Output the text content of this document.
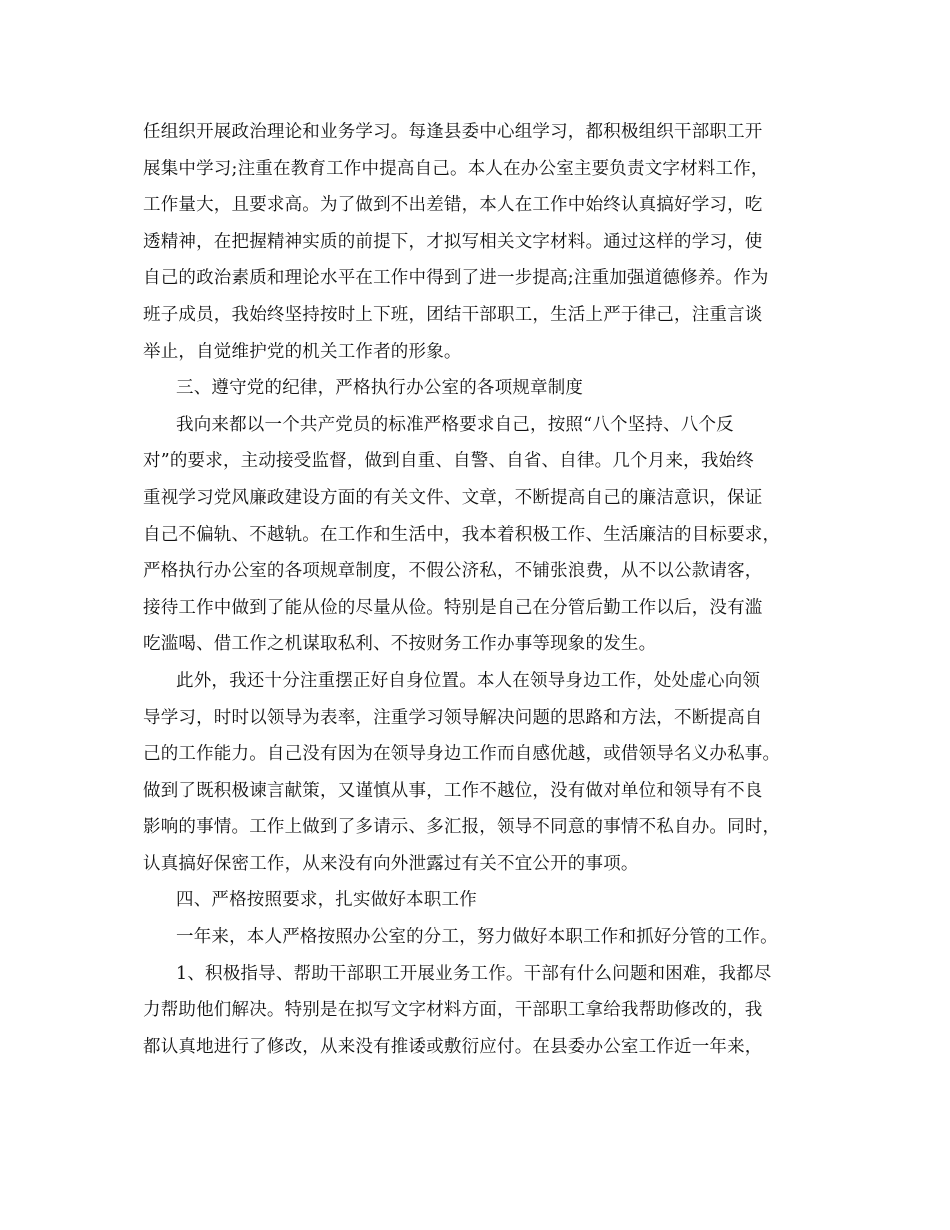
任组织开展政治理论和业务学习。每逢县委中心组学习，都积极组织干部职工开
展集中学习;注重在教育工作中提高自己。本人在办公室主要负责文字材料工作，
工作量大，且要求高。为了做到不出差错，本人在工作中始终认真搞好学习，吃
透精神，在把握精神实质的前提下，才拟写相关文字材料。通过这样的学习，使
自己的政治素质和理论水平在工作中得到了进一步提高;注重加强道德修养。作为
班子成员，我始终坚持按时上下班，团结干部职工，生活上严于律己，注重言谈
举止，自觉维护党的机关工作者的形象。
三、遵守党的纪律，严格执行办公室的各项规章制度
我向来都以一个共产党员的标准严格要求自己，按照“八个坚持、八个反
对”的要求，主动接受监督，做到自重、自警、自省、自律。几个月来，我始终
重视学习党风廉政建设方面的有关文件、文章，不断提高自己的廉洁意识，保证
自己不偏轨、不越轨。在工作和生活中，我本着积极工作、生活廉洁的目标要求，
严格执行办公室的各项规章制度，不假公济私，不铺张浪费，从不以公款请客，
接待工作中做到了能从俭的尽量从俭。特别是自己在分管后勤工作以后，没有滥
吃滥喝、借工作之机谋取私利、不按财务工作办事等现象的发生。
此外，我还十分注重摆正好自身位置。本人在领导身边工作，处处虚心向领
导学习，时时以领导为表率，注重学习领导解决问题的思路和方法，不断提高自
己的工作能力。自己没有因为在领导身边工作而自感优越，或借领导名义办私事。
做到了既积极谏言献策，又谨慎从事，工作不越位，没有做对单位和领导有不良
影响的事情。工作上做到了多请示、多汇报，领导不同意的事情不私自办。同时，
认真搞好保密工作，从来没有向外泄露过有关不宜公开的事项。
四、严格按照要求，扎实做好本职工作
一年来，本人严格按照办公室的分工，努力做好本职工作和抓好分管的工作。
1、积极指导、帮助干部职工开展业务工作。干部有什么问题和困难，我都尽
力帮助他们解决。特别是在拟写文字材料方面，干部职工拿给我帮助修改的，我
都认真地进行了修改，从来没有推诿或敷衍应付。在县委办公室工作近一年来，
